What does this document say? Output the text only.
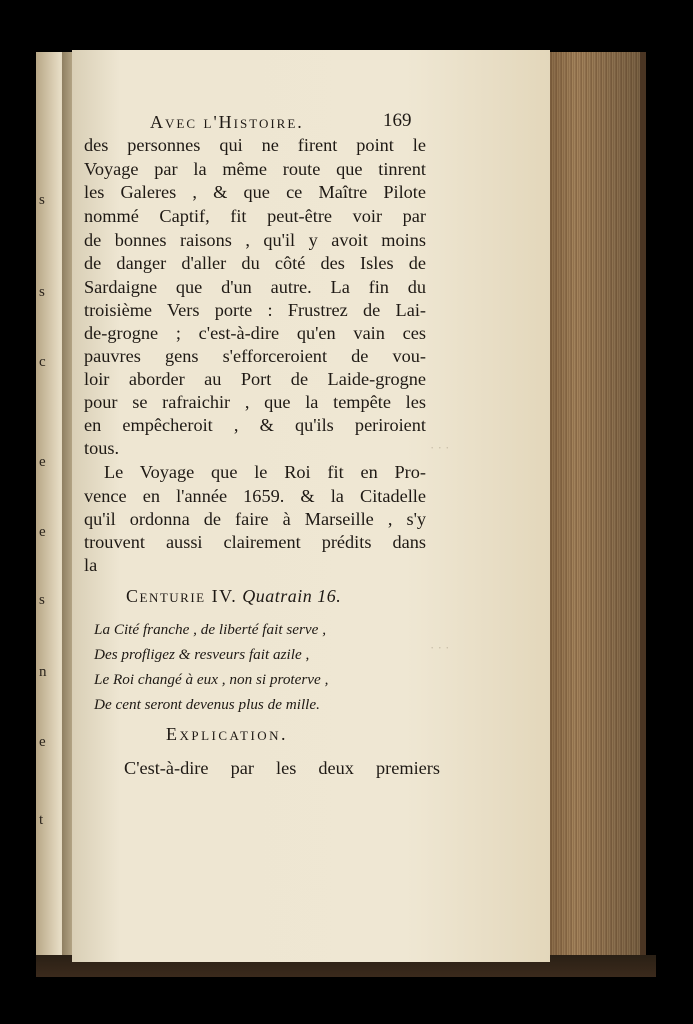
s
s
c
e
e
s
n
e
t
· · ·
· · ·
Avec l'Histoire.	169
des personnes qui ne firent point le
Voyage par la même route que tinrent
les Galeres , & que ce Maître Pilote
nommé Captif, fit peut-être voir par
de bonnes raisons , qu'il y avoit moins
de danger d'aller du côté des Isles de
Sardaigne que d'un autre. La fin du
troisième Vers porte : Frustrez de Lai-
de-grogne ; c'est-à-dire qu'en vain ces
pauvres gens s'efforceroient de vou-
loir aborder au Port de Laide-grogne
pour se rafraichir , que la tempête les
en empêcheroit , & qu'ils periroient
tous.
Le Voyage que le Roi fit en Pro-
vence en l'année 1659. & la Citadelle
qu'il ordonna de faire à Marseille , s'y
trouvent aussi clairement prédits dans
la
Centurie IV. Quatrain 16.
La Cité franche , de liberté fait serve ,
Des profligez & resveurs fait azile ,
Le Roi changé à eux , non si proterve ,
De cent seront devenus plus de mille.
Explication.
C'est-à-dire par les deux premiers
